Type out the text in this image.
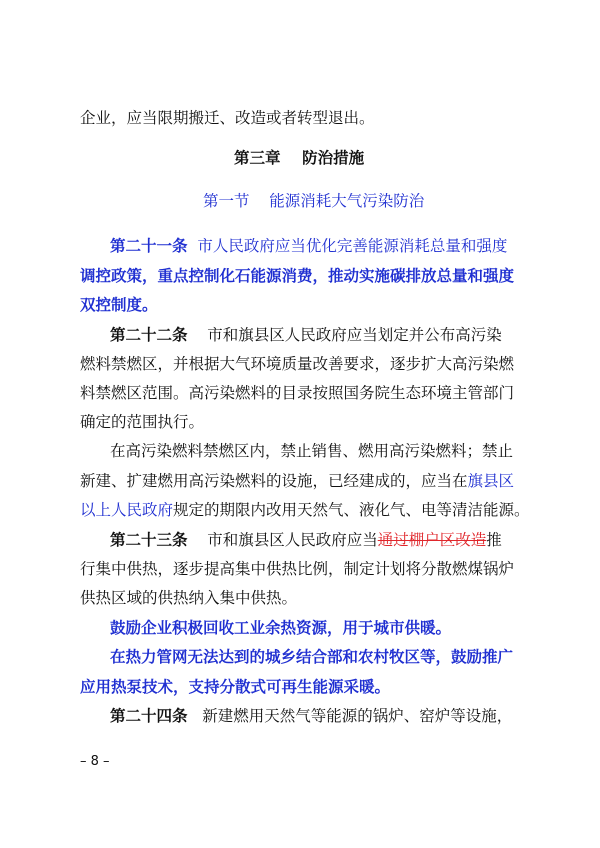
企业，应当限期搬迁、改造或者转型退出。
第三章    防治措施
第一节    能源消耗大气污染防治
第二十一条  市人民政府应当优化完善能源消耗总量和强度
调控政策，重点控制化石能源消费，推动实施碳排放总量和强度
双控制度。
第二十二条    市和旗县区人民政府应当划定并公布高污染
燃料禁燃区，并根据大气环境质量改善要求，逐步扩大高污染燃
料禁燃区范围。高污染燃料的目录按照国务院生态环境主管部门
确定的范围执行。
在高污染燃料禁燃区内，禁止销售、燃用高污染燃料；禁止
新建、扩建燃用高污染燃料的设施，已经建成的，应当在旗县区
以上人民政府规定的期限内改用天然气、液化气、电等清洁能源。
第二十三条    市和旗县区人民政府应当通过棚户区改造推
行集中供热，逐步提高集中供热比例，制定计划将分散燃煤锅炉
供热区域的供热纳入集中供热。
鼓励企业积极回收工业余热资源，用于城市供暖。
在热力管网无法达到的城乡结合部和农村牧区等，鼓励推广
应用热泵技术，支持分散式可再生能源采暖。
第二十四条   新建燃用天然气等能源的锅炉、窑炉等设施，
– 8 –
